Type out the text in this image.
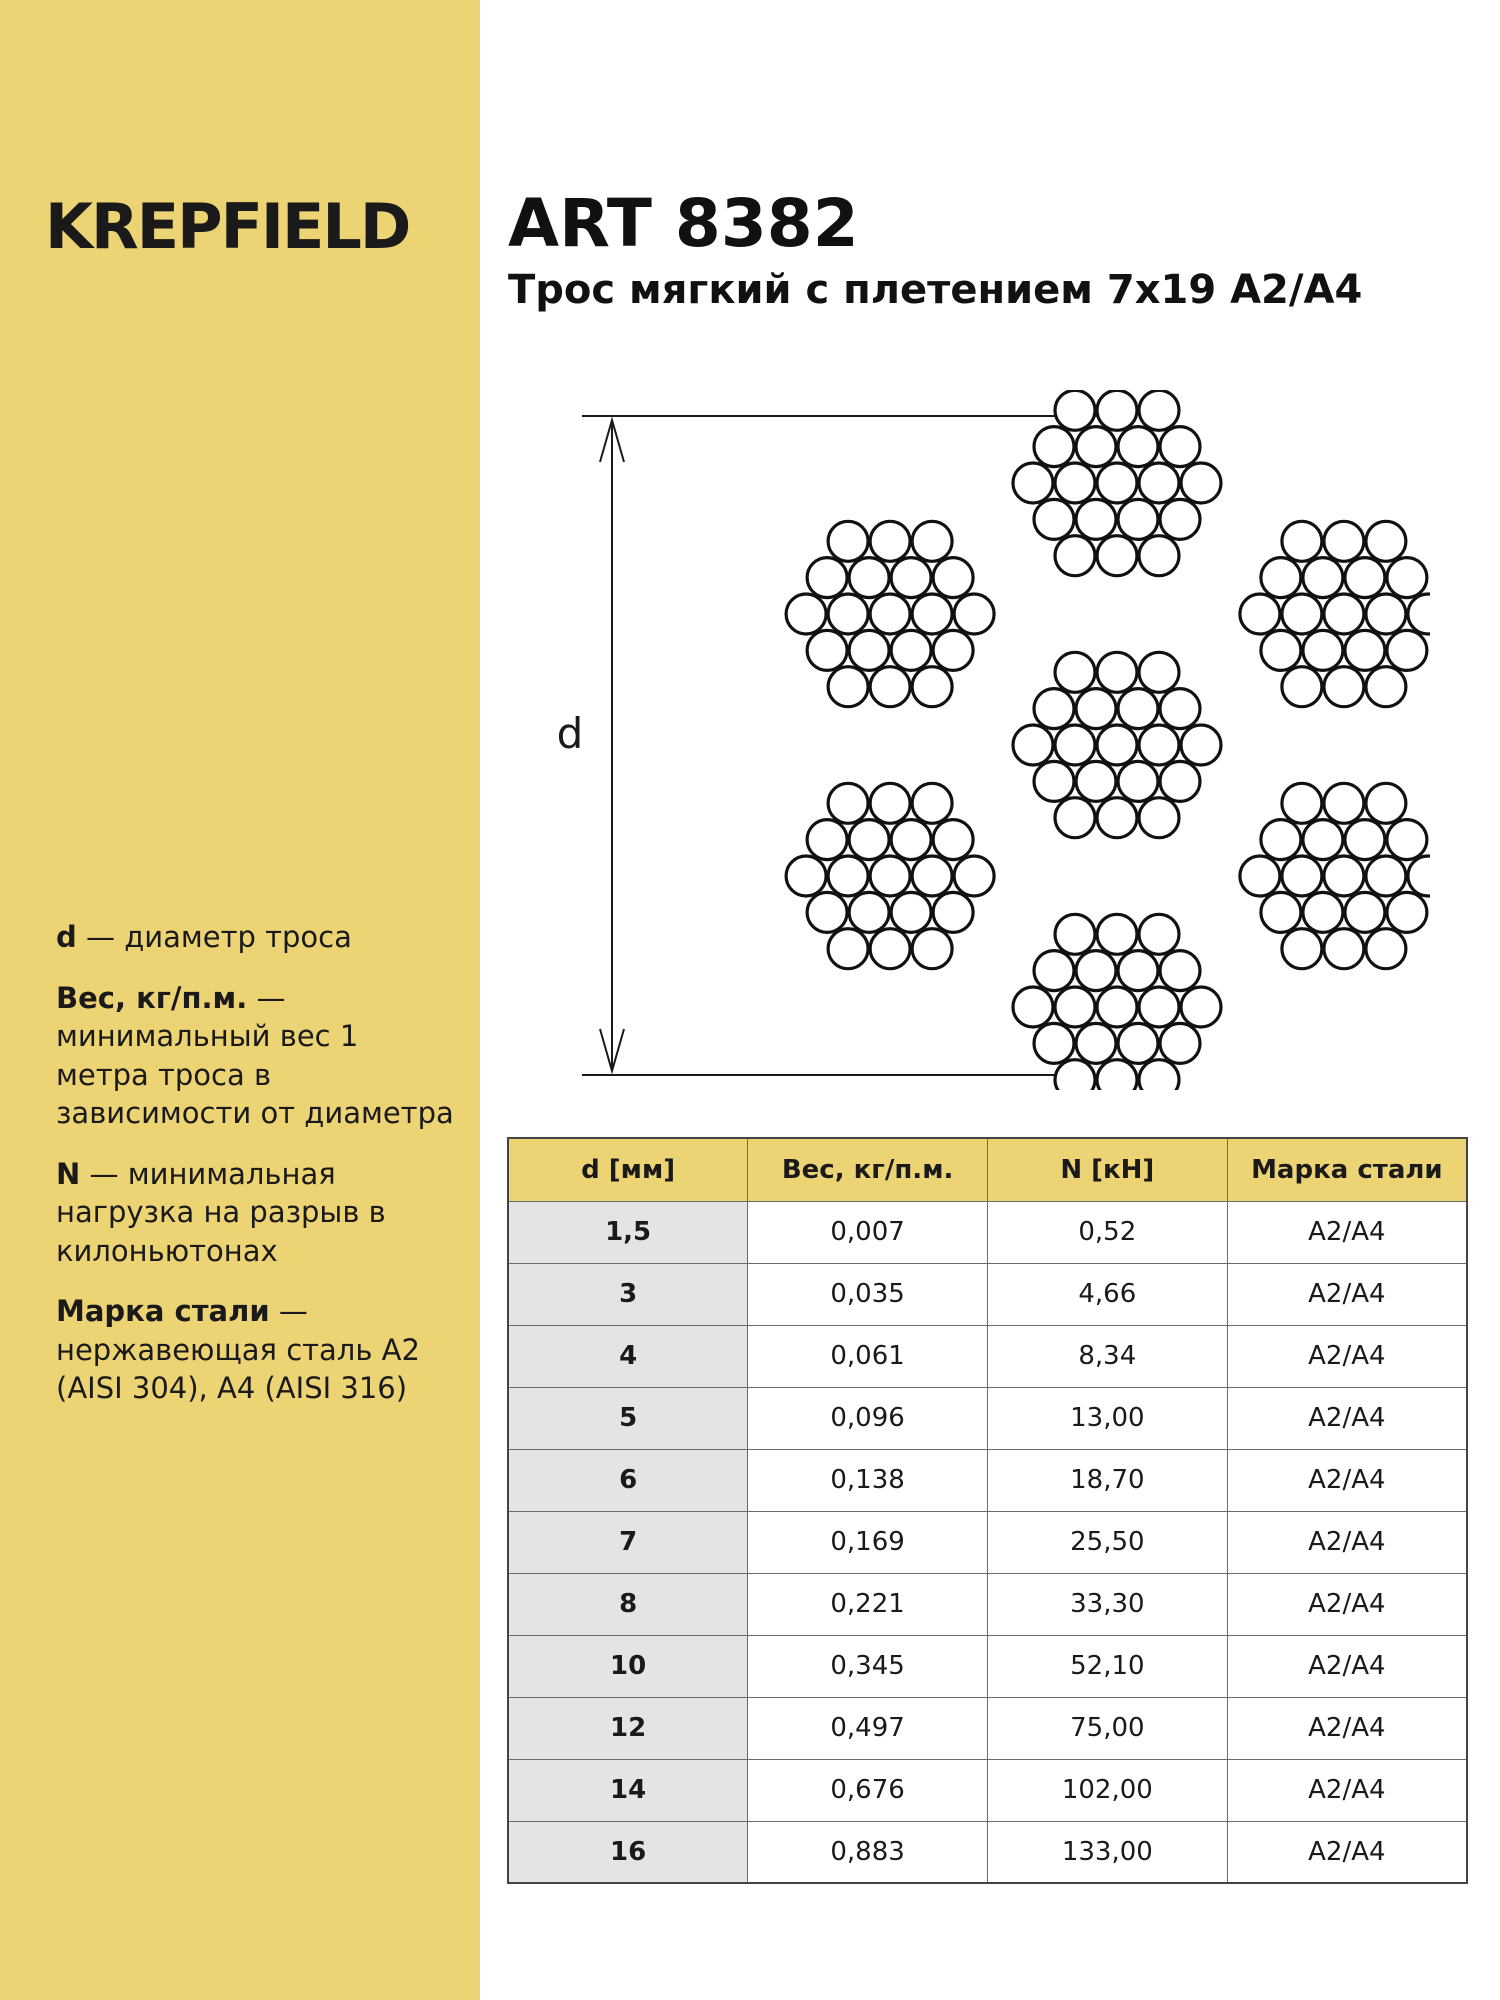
KREPFIELD
d — диаметр троса
Вес, кг/п.м. — минимальный вес 1 метра троса в зависимости от диаметра
N — минимальная нагрузка на разрыв в килоньютонах
Марка стали — нержавеющая сталь A2 (AISI 304), A4 (AISI 316)
ART 8382
Трос мягкий с плетением 7х19 A2/A4
d
d [мм]	Вес, кг/п.м.	N [кН]	Марка стали
1,5	0,007	0,52	A2/A4
3	0,035	4,66	A2/A4
4	0,061	8,34	A2/A4
5	0,096	13,00	A2/A4
6	0,138	18,70	A2/A4
7	0,169	25,50	A2/A4
8	0,221	33,30	A2/A4
10	0,345	52,10	A2/A4
12	0,497	75,00	A2/A4
14	0,676	102,00	A2/A4
16	0,883	133,00	A2/A4
